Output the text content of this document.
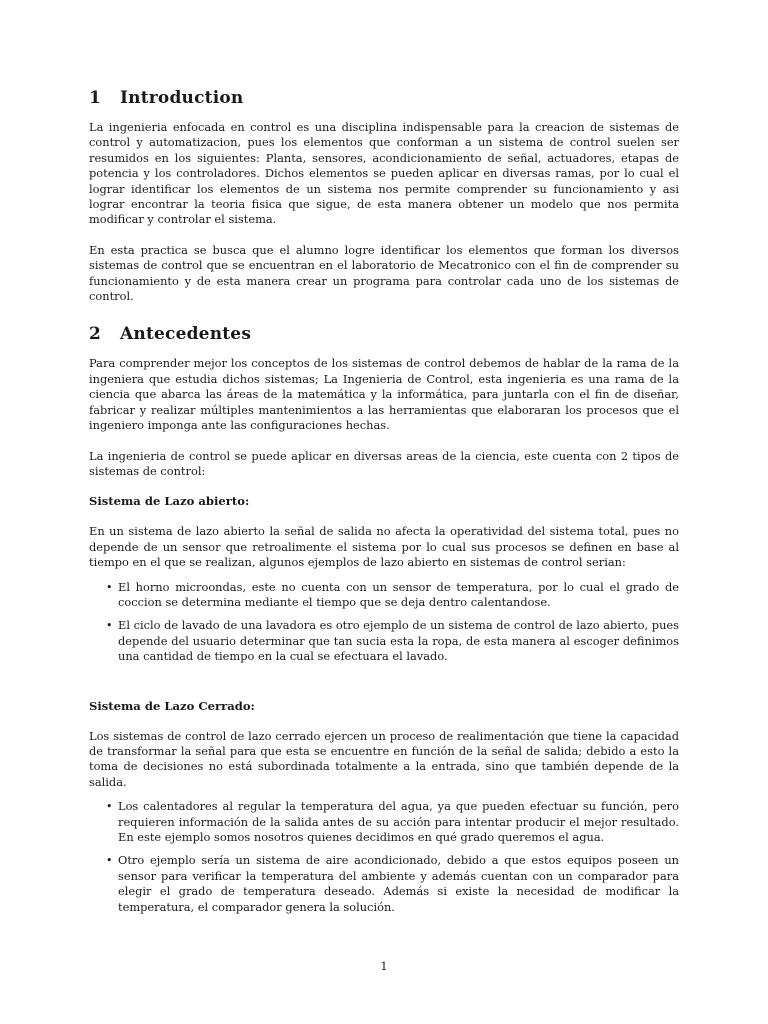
1 Introduction

La ingenieria enfocada en control es una disciplina indispensable para la creacion de sistemas de control y automatizacion, pues los elementos que conforman a un sistema de control suelen ser resumidos en los siguientes: Planta, sensores, acondicionamiento de señal, actuadores, etapas de potencia y los controladores. Dichos elementos se pueden aplicar en diversas ramas, por lo cual el lograr identificar los elementos de un sistema nos permite comprender su funcionamiento y asi lograr encontrar la teoria fisica que sigue, de esta manera obtener un modelo que nos permita modificar y controlar el sistema.

En esta practica se busca que el alumno logre identificar los elementos que forman los diversos sistemas de control que se encuentran en el laboratorio de Mecatronico con el fin de comprender su funcionamiento y de esta manera crear un programa para controlar cada uno de los sistemas de control.

2 Antecedentes

Para comprender mejor los conceptos de los sistemas de control debemos de hablar de la rama de la ingeniera que estudia dichos sistemas; La Ingenieria de Control, esta ingenieria es una rama de la ciencia que abarca las áreas de la matemática y la informática, para juntarla con el fin de diseñar, fabricar y realizar múltiples mantenimientos a las herramientas que elaboraran los procesos que el ingeniero imponga ante las configuraciones hechas.

La ingenieria de control se puede aplicar en diversas areas de la ciencia, este cuenta con 2 tipos de sistemas de control:

Sistema de Lazo abierto:

En un sistema de lazo abierto la señal de salida no afecta la operatividad del sistema total, pues no depende de un sensor que retroalimente el sistema por lo cual sus procesos se definen en base al tiempo en el que se realizan, algunos ejemplos de lazo abierto en sistemas de control serian:

• El horno microondas, este no cuenta con un sensor de temperatura, por lo cual el grado de coccion se determina mediante el tiempo que se deja dentro calentandose.
• El ciclo de lavado de una lavadora es otro ejemplo de un sistema de control de lazo abierto, pues depende del usuario determinar que tan sucia esta la ropa, de esta manera al escoger definimos una cantidad de tiempo en la cual se efectuara el lavado.
Sistema de Lazo Cerrado:

Los sistemas de control de lazo cerrado ejercen un proceso de realimentación que tiene la capacidad de transformar la señal para que esta se encuentre en función de la señal de salida; debido a esto la toma de decisiones no está subordinada totalmente a la entrada, sino que también depende de la salida.

• Los calentadores al regular la temperatura del agua, ya que pueden efectuar su función, pero requieren información de la salida antes de su acción para intentar producir el mejor resultado. En este ejemplo somos nosotros quienes decidimos en qué grado queremos el agua.
• Otro ejemplo sería un sistema de aire acondicionado, debido a que estos equipos poseen un sensor para verificar la temperatura del ambiente y además cuentan con un comparador para elegir el grado de temperatura deseado. Además si existe la necesidad de modificar la temperatura, el comparador genera la solución.
1
